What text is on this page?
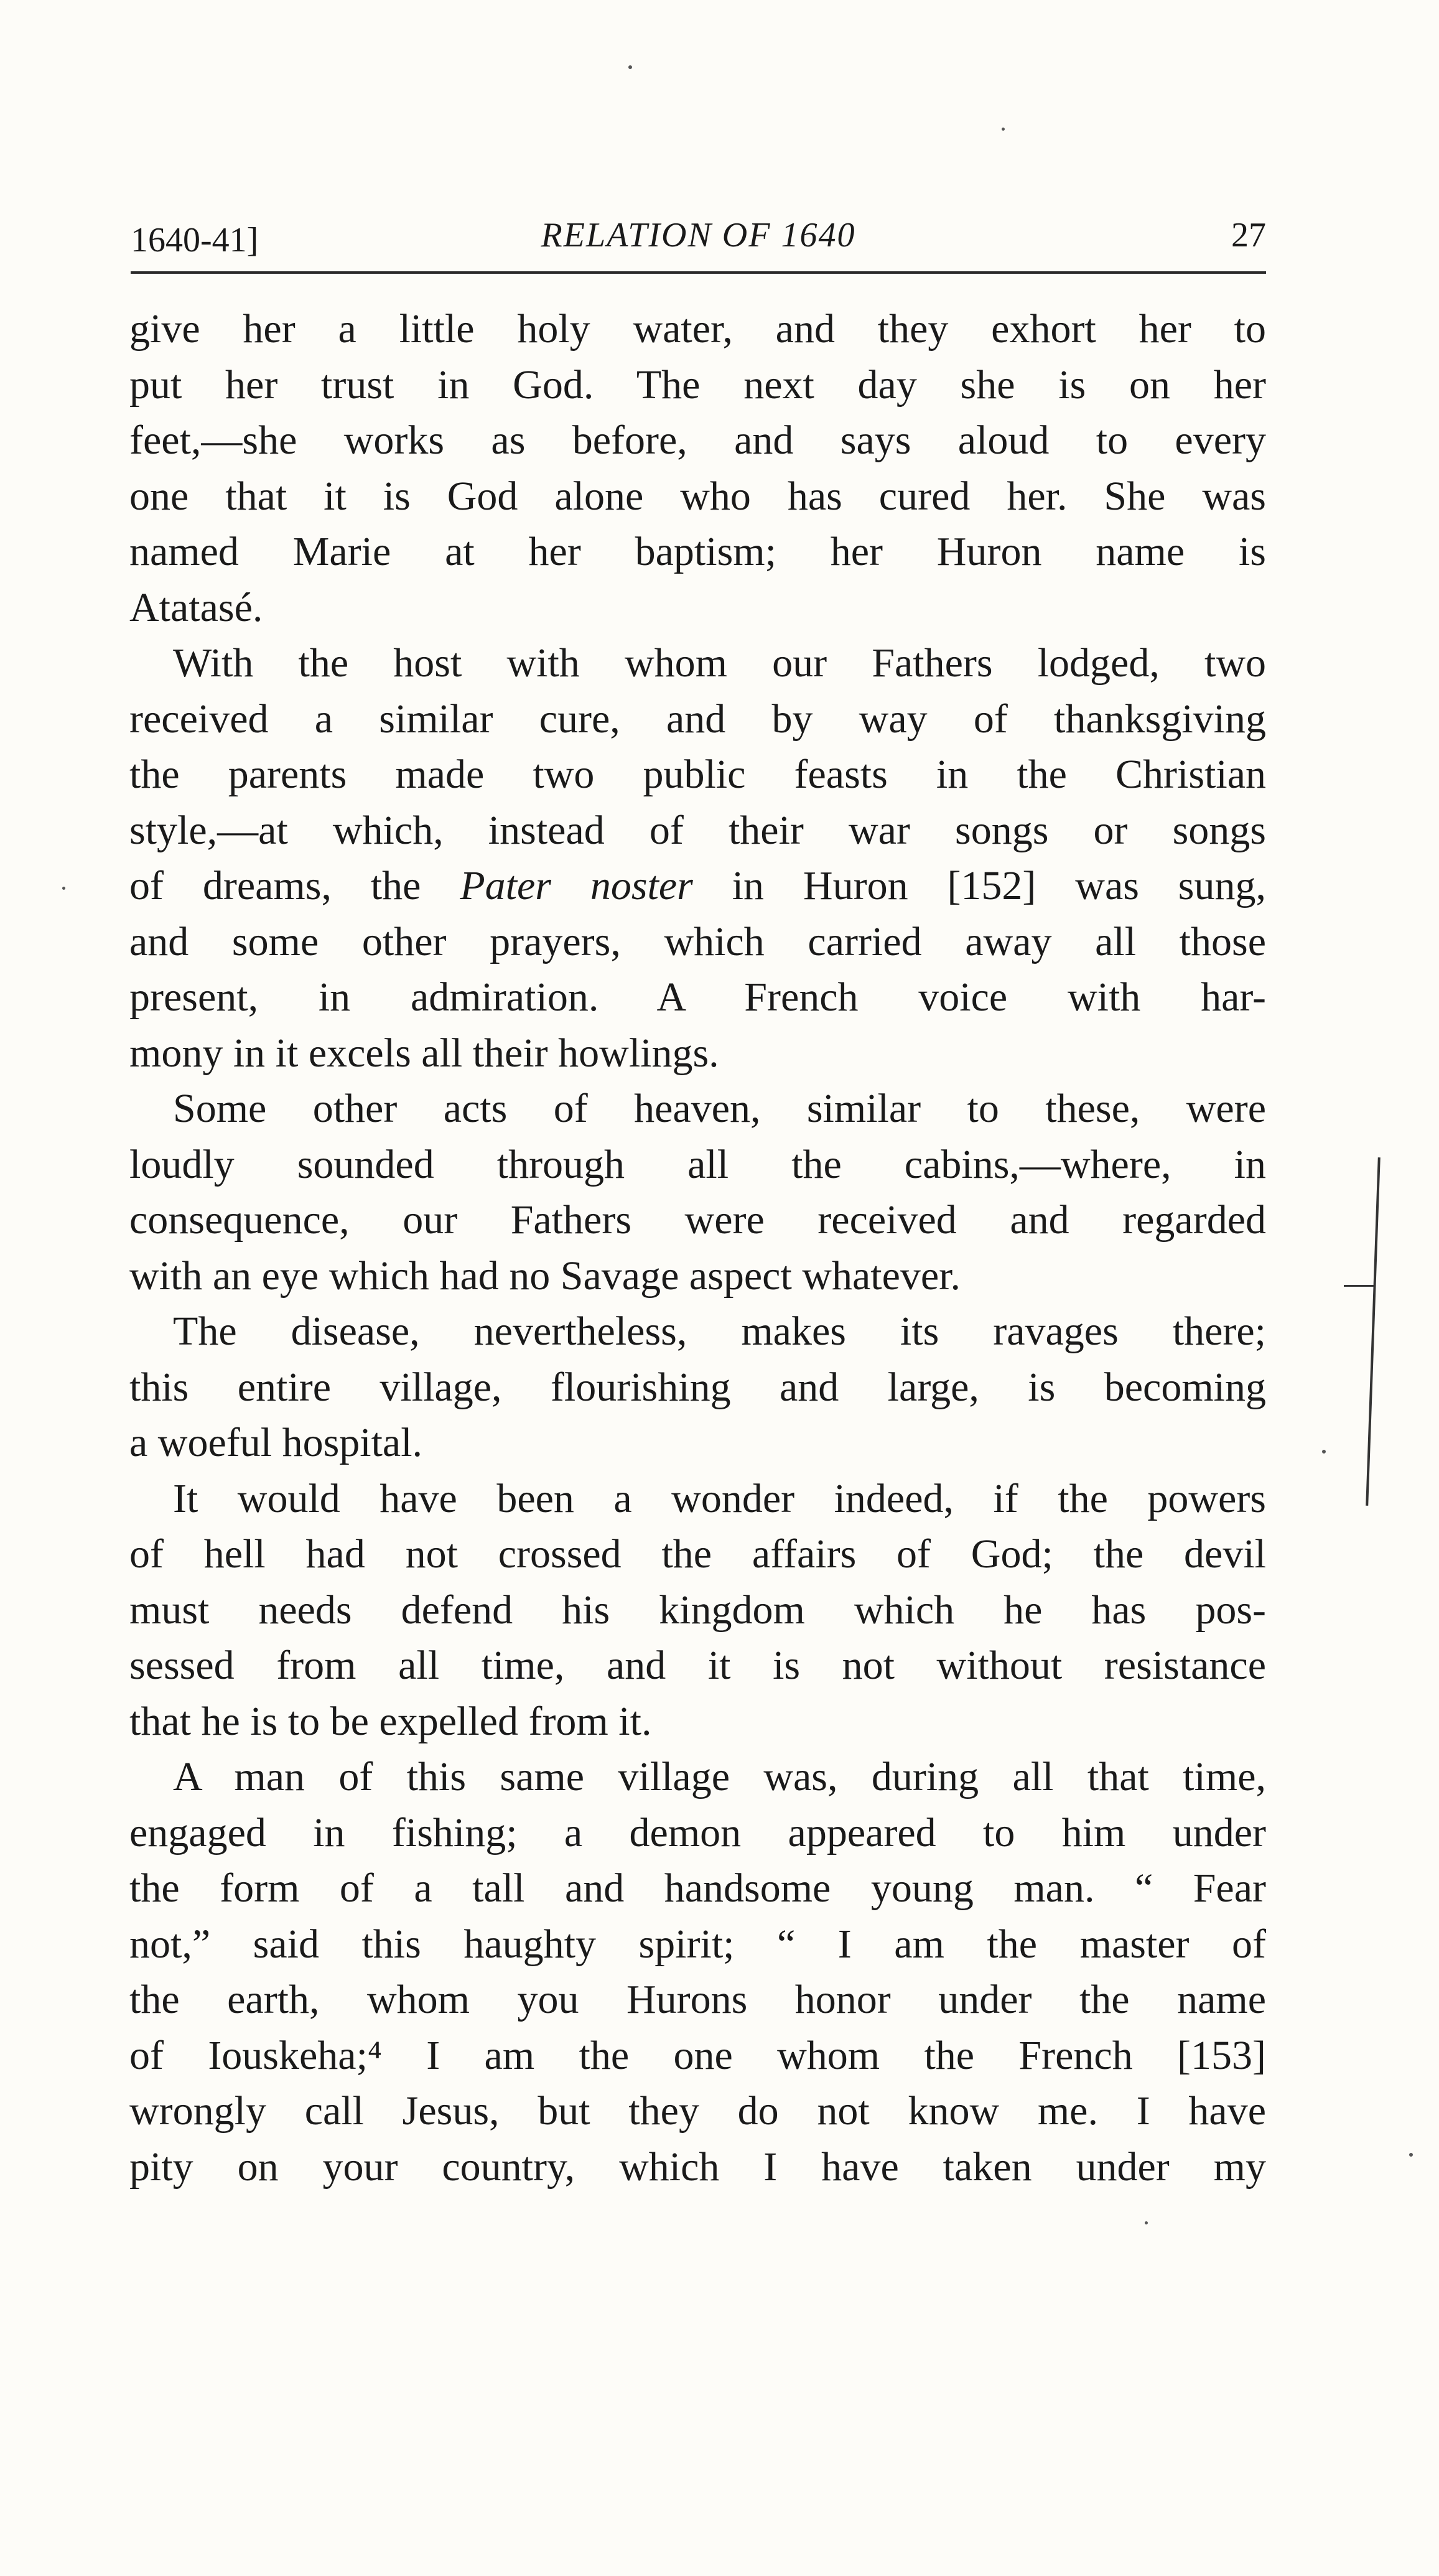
1640-41]	RELATION OF 1640	27
give her a little holy water, and they exhort her to
put her trust in God. The next day she is on her
feet,—she works as before, and says aloud to every
one that it is God alone who has cured her. She was
named Marie at her baptism; her Huron name is
Atatasé.
With the host with whom our Fathers lodged, two
received a similar cure, and by way of thanksgiving
the parents made two public feasts in the Christian
style,—at which, instead of their war songs or songs
of dreams, the Pater noster in Huron [152] was sung,
and some other prayers, which carried away all those
present, in admiration. A French voice with har-
mony in it excels all their howlings.
Some other acts of heaven, similar to these, were
loudly sounded through all the cabins,—where, in
consequence, our Fathers were received and regarded
with an eye which had no Savage aspect whatever.
The disease, nevertheless, makes its ravages there;
this entire village, flourishing and large, is becoming
a woeful hospital.
It would have been a wonder indeed, if the powers
of hell had not crossed the affairs of God; the devil
must needs defend his kingdom which he has pos-
sessed from all time, and it is not without resistance
that he is to be expelled from it.
A man of this same village was, during all that time,
engaged in fishing; a demon appeared to him under
the form of a tall and handsome young man. “ Fear
not,” said this haughty spirit; “ I am the master of
the earth, whom you Hurons honor under the name
of Iouskeha;⁴ I am the one whom the French [153]
wrongly call Jesus, but they do not know me. I have
pity on your country, which I have taken under my
